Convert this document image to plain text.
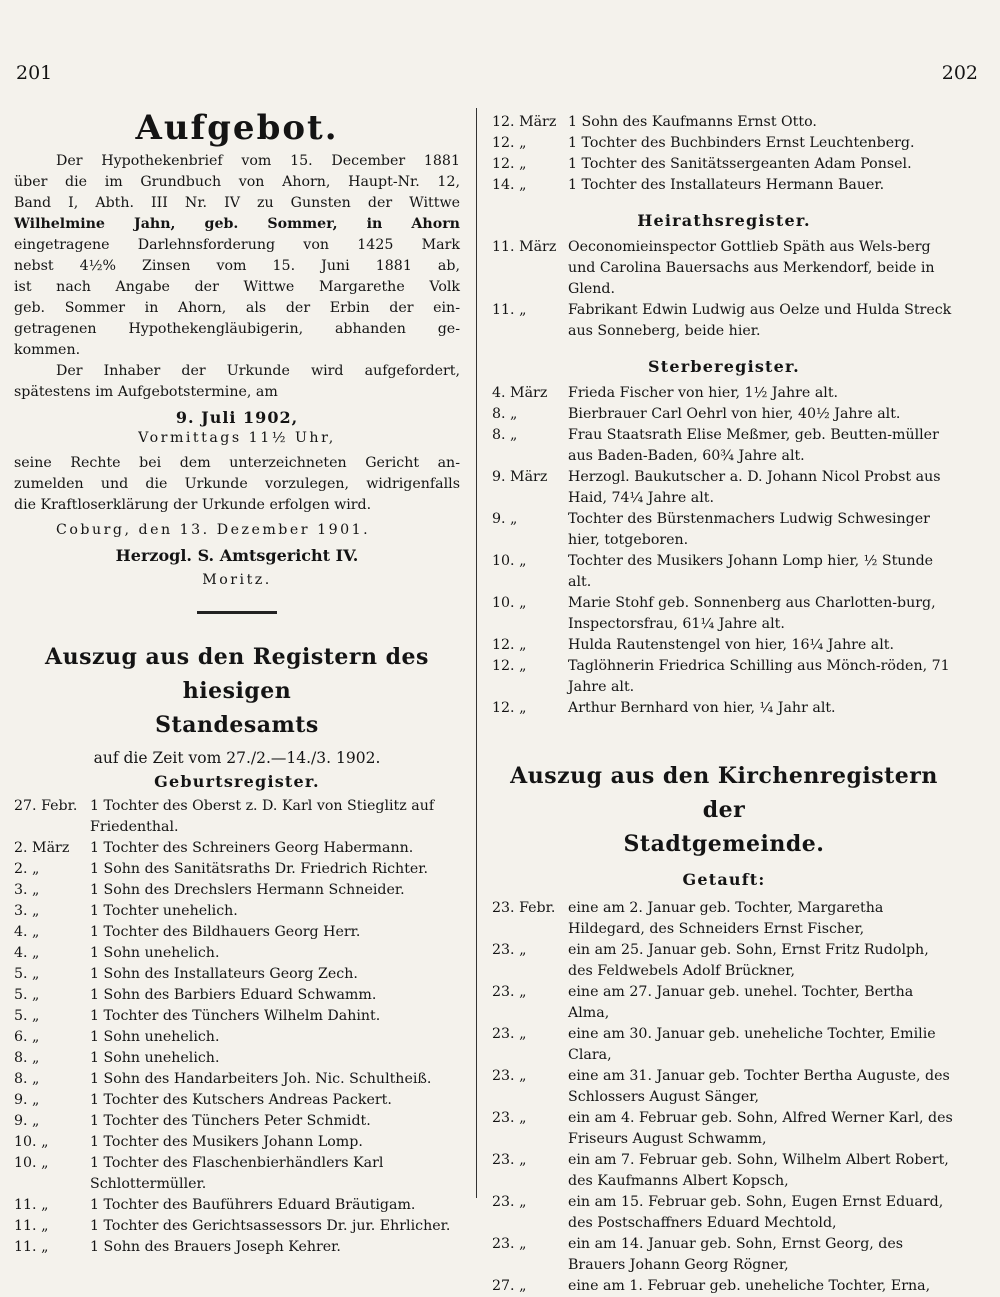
201	202
Aufgebot.
Der Hypothekenbrief vom 15. December 1881
über die im Grundbuch von Ahorn, Haupt-Nr. 12,
Band I, Abth. III Nr. IV zu Gunsten der Wittwe
Wilhelmine Jahn, geb. Sommer, in Ahorn
eingetragene Darlehnsforderung von 1425 Mark
nebst 4½% Zinsen vom 15. Juni 1881 ab,
ist nach Angabe der Wittwe Margarethe Volk
geb. Sommer in Ahorn, als der Erbin der ein-
getragenen Hypothekengläubigerin, abhanden ge-
kommen.
Der Inhaber der Urkunde wird aufgefordert,
spätestens im Aufgebotstermine, am
9. Juli 1902,
Vormittags 11½ Uhr,
seine Rechte bei dem unterzeichneten Gericht an-
zumelden und die Urkunde vorzulegen, widrigenfalls
die Kraftloserklärung der Urkunde erfolgen wird.
Coburg, den 13. Dezember 1901.
Herzogl. S. Amtsgericht IV.
Moritz.
Auszug aus den Registern des hiesigen
Standesamts
auf die Zeit vom 27./2.—14./3. 1902.
Geburtsregister.
27. Febr. 1 Tochter des Oberst z. D. Karl von Stieglitz auf Friedenthal.
2. März	1 Tochter des Schreiners Georg Habermann.
2. „	1 Sohn des Sanitätsraths Dr. Friedrich Richter.
3. „	1 Sohn des Drechslers Hermann Schneider.
3. „	1 Tochter unehelich.
4. „	1 Tochter des Bildhauers Georg Herr.
4. „	1 Sohn unehelich.
5. „	1 Sohn des Installateurs Georg Zech.
5. „	1 Sohn des Barbiers Eduard Schwamm.
5. „	1 Tochter des Tünchers Wilhelm Dahint.
6. „	1 Sohn unehelich.
8. „	1 Sohn unehelich.
8. „	1 Sohn des Handarbeiters Joh. Nic. Schultheiß.
9. „	1 Tochter des Kutschers Andreas Packert.
9. „	1 Tochter des Tünchers Peter Schmidt.
10. „	1 Tochter des Musikers Johann Lomp.
10. „	1 Tochter des Flaschenbierhändlers Karl Schlottermüller.
11. „	1 Tochter des Bauführers Eduard Bräutigam.
11. „	1 Tochter des Gerichtsassessors Dr. jur. Ehrlicher.
11. „	1 Sohn des Brauers Joseph Kehrer.
12. März 1 Sohn des Kaufmanns Ernst Otto.
12. „	1 Tochter des Buchbinders Ernst Leuchtenberg.
12. „	1 Tochter des Sanitätssergeanten Adam Ponsel.
14. „	1 Tochter des Installateurs Hermann Bauer.
Heirathsregister.
11. März Oeconomieinspector Gottlieb Späth aus Wels-berg und Carolina Bauersachs aus Merkendorf, beide in Glend.
11. „	Fabrikant Edwin Ludwig aus Oelze und Hulda Streck aus Sonneberg, beide hier.
Sterberegister.
4. März	Frieda Fischer von hier, 1½ Jahre alt.
8. „	Bierbrauer Carl Oehrl von hier, 40½ Jahre alt.
8. „	Frau Staatsrath Elise Meßmer, geb. Beutten-müller aus Baden-Baden, 60¾ Jahre alt.
9. März	Herzogl. Baukutscher a. D. Johann Nicol Probst aus Haid, 74¼ Jahre alt.
9. „	Tochter des Bürstenmachers Ludwig Schwesinger hier, totgeboren.
10. „	Tochter des Musikers Johann Lomp hier, ½ Stunde alt.
10. „	Marie Stohf geb. Sonnenberg aus Charlotten-burg, Inspectorsfrau, 61¼ Jahre alt.
12. „	Hulda Rautenstengel von hier, 16¼ Jahre alt.
12. „	Taglöhnerin Friedrica Schilling aus Mönch-röden, 71 Jahre alt.
12. „	Arthur Bernhard von hier, ¼ Jahr alt.
Auszug aus den Kirchenregistern der
Stadtgemeinde.
Getauft:
23. Febr. eine am 2. Januar geb. Tochter, Margaretha Hildegard, des Schneiders Ernst Fischer,
23. „	ein am 25. Januar geb. Sohn, Ernst Fritz Rudolph, des Feldwebels Adolf Brückner,
23. „	eine am 27. Januar geb. unehel. Tochter, Bertha Alma,
23. „	eine am 30. Januar geb. uneheliche Tochter, Emilie Clara,
23. „	eine am 31. Januar geb. Tochter Bertha Auguste, des Schlossers August Sänger,
23. „	ein am 4. Februar geb. Sohn, Alfred Werner Karl, des Friseurs August Schwamm,
23. „	ein am 7. Februar geb. Sohn, Wilhelm Albert Robert, des Kaufmanns Albert Kopsch,
23. „	ein am 15. Februar geb. Sohn, Eugen Ernst Eduard, des Postschaffners Eduard Mechtold,
23. „	ein am 14. Januar geb. Sohn, Ernst Georg, des Brauers Johann Georg Rögner,
27. „	eine am 1. Februar geb. uneheliche Tochter, Erna,
